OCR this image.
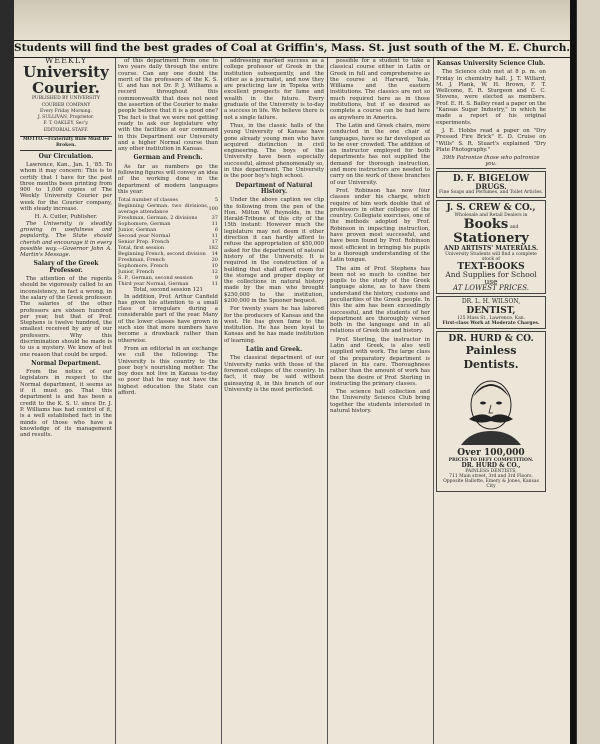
Students will find the best grades of Coal at Griffin's, Mass. St. just south of the M. E. Church.
WEEKLY
University Courier.
PUBLISHED BY UNIVERSITY COURIER COMPANY
Every Friday Morning.
J. SULLIVAN, Proprietor.
F. T. OAKLEY, Sec'y.
EDITORIAL STAFF.
MOTTO.—Fraternity Rule Must Be Broken.
Our Circulation.

Lawrence, Kan., Jan. 1, '85. To whom it may concern: This is to certify that I have for the past three months been printing from 900 to 1,000 copies of The Weekly University Courier per week for the Courier company, with steady increase.

H. A. Cutler, Publisher.

The University is steadily growing in usefulness and popularity. The State should cherish and encourage it in every possible way.—Governor John A. Martin's Message.

Salary of the Greek Professor.

The attention of the regents should be vigorously called to an inconsistency, in fact a wrong, in the salary of the Greek professor. The salaries of the other professors are sixteen hundred per year, but that of Prof. Stephens is twelve hundred, the smallest received by any of our professors. Why this discrimination should be made is to us a mystery. We know of but one reason that could be urged.

Normal Department.

From the notice of our legislators in respect to the Normal department, it seems as if it must go. That this department is and has been a credit to the K. S. U. since Dr. J. P. Williams has had control of it, is a well established fact in the minds of those who have a knowledge of its management and results.

of this department from one to two years daily through the entire course. Can any one doubt the merit of the professors of the K. S. U. and has not Dr. P. J. Williams a record throughout this commonwealth that does not need the assertion of the Courier to make people believe that it is a good one? The fact is that we were not getting ready to ask our legislature why with the facilities at our command in this Department our University and a higher Normal course than any other institution in Kansas.

German and French.

As far as numbers go the following figures will convey an idea of the working done in the department of modern languages this year:

Total number of classes	5
Beginning German, two divisions, average attendance	100
Freshman, German, 2 divisions	37
Sophomore, German	11
Junior, German	6
Second year Normal	11
Senior Prep. French	17
Total, first session	182
Beginning French, second division	14
Freshman, French	20
Sophomore, French	10
Junior, French	12
S. P., German, second session	9
Third year Normal, German	11
Total, second session 121

In addition, Prof. Arthur Canfield has given his attention to a small class of irregulars during a considerable part of the year. Many of the lower classes have grown in such size that more numbers have become a drawback rather than otherwise.

From an editorial in an exchange we cull the following: The University is this country to the poor boy's nourishing mother. The boy does not live in Kansas to-day so poor that he may not have the highest education the State can afford.

addressing marked success as a college professor of Greek in the institution subsequently, and the other as a journalist, and now they are practicing law in Topeka with excellent prospects for fame and wealth in the future. Every graduate of the University is to-day a success in life. We believe there is not a single failure.

Thus, in the classic halls of the young University of Kansas have gone already young men who have acquired distinction in civil engineering. The boys of the University have been especially successful, almost phenomenally so, in this department. The University is the poor boy's high school.

Department of Natural History.

Under the above caption we clip the following from the pen of the Hon. Milton W. Reynolds, in the Herald-Tribune of this city of the 15th instant: However much the legislature may not deem it other direction it can hardly afford to refuse the appropriation of $50,000 asked for the department of natural history of the University. It is required in the construction of a building that shall afford room for the storage and proper display of the collections in natural history made by the man who brought $250,000 to the institution, $200,000 in the Spooner bequest.

For twenty years he has labored for the producers of Kansas and the west. He has given fame to the institution. He has been loyal to Kansas and he has made institution of learning.

Latin and Greek.

The classical department of our University ranks with those of the foremost colleges of the country. In fact, it may be said without gainsaying it, in this branch of our University is the most perfected.

possible for a student to take a classical course either in Latin or Greek in full and comprehensive as the course at Harvard, Yale, Williams and the eastern institutions. The classics are not so much required here as in those institutions, but if so desired as complete a course can be had here as anywhere in America.

The Latin and Greek chairs, more conducted in the one chair of languages, have so far developed as to be over crowded. The addition of an instructor employed for both departments has not supplied the demand for thorough instruction, and more instructors are needed to carry on the work of these branches of our University.

Prof. Robinson has now four classes under his charge, which require of him work double that of professors in other colleges of the country. Collegiate exercises, one of the methods adopted by Prof. Robinson in impacting instruction, have proven most successful, and have been found by Prof. Robinson most efficient in bringing his pupils to a thorough understanding of the Latin tongue.

The aim of Prof. Stephens has been not so much to confine her pupils to the study of the Greek language alone, as to have them understand the history, customs and peculiarities of the Greek people. In this the aim has been exceedingly successful, and the students of her department are thoroughly versed both in the language and in all relations of Greek life and history.

Prof. Sterling, the instructor in Latin and Greek, is also well supplied with work. The large class of the preparatory department is placed in his care. Thoroughness rather than the amount of work has been the desire of Prof. Sterling in instructing the primary classes.

The science hall collection and the University Science Club bring together the students interested in natural history.

Kansas University Science Club.

The Science club met at 8 p. m. on Friday in chemistry hall. J. T. Willard, M. J. Plank, W. H. Brown, F. T. Wellcome, E. R. Sturgeon and C. C. Stevens, were elected as members. Prof. E. H. S. Bailey read a paper on the "Kansas Sugar Industry," in which he made a report of his original experiments.

J. E. Hobbs read a paper on "Dry Pressed Fire Brick" E. D. Cruise on "Wills" S. R. Stuart's explained "Dry Plate Photography."

39th Patronize those who patronize you.
D. F. BIGELOW
DRUGS.
Fine Soaps and Perfumes, and Toilet Articles.
J. S. CREW & CO.,
Wholesale and Retail Dealers in
Books and Stationery
AND ARTISTS' MATERIALS.
University Students will find a complete stock of
TEXT-BOOKS
And Supplies for School use
AT LOWEST PRICES.
DR. L. H. WILSON,
DENTIST,
125 Mass St., Lawrence, Kan.
First-class Work at Moderate Charges.
DR. HURD & CO.
Painless Dentists.
Over 100,000
PRICES TO DEFY COMPETITION.
DR. HURD & CO.,
PAINLESS DENTISTS,
711 Main street, 3rd and 3rd Floors, Opposite Ballotte, Emery & Jones, Kansas City
